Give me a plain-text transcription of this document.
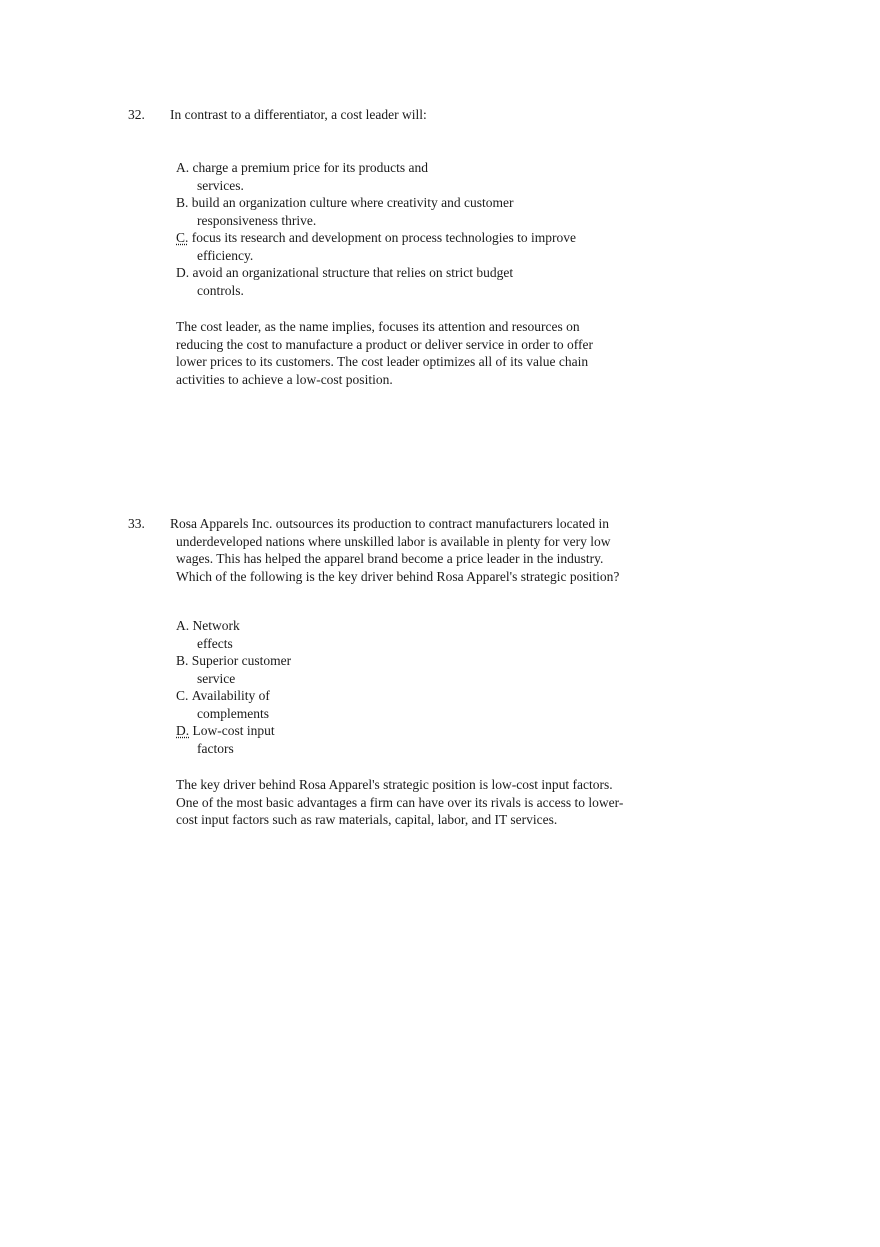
32. In contrast to a differentiator, a cost leader will:
A. charge a premium price for its products and
services.
B. build an organization culture where creativity and customer
responsiveness thrive.
C. focus its research and development on process technologies to improve
efficiency.
D. avoid an organizational structure that relies on strict budget
controls.
The cost leader, as the name implies, focuses its attention and resources on
reducing the cost to manufacture a product or deliver service in order to offer
lower prices to its customers. The cost leader optimizes all of its value chain
activities to achieve a low-cost position.
33. Rosa Apparels Inc. outsources its production to contract manufacturers located in
underdeveloped nations where unskilled labor is available in plenty for very low
wages. This has helped the apparel brand become a price leader in the industry.
Which of the following is the key driver behind Rosa Apparel's strategic position?
A. Network
effects
B. Superior customer
service
C. Availability of
complements
D. Low-cost input
factors
The key driver behind Rosa Apparel's strategic position is low-cost input factors.
One of the most basic advantages a firm can have over its rivals is access to lower-
cost input factors such as raw materials, capital, labor, and IT services.
